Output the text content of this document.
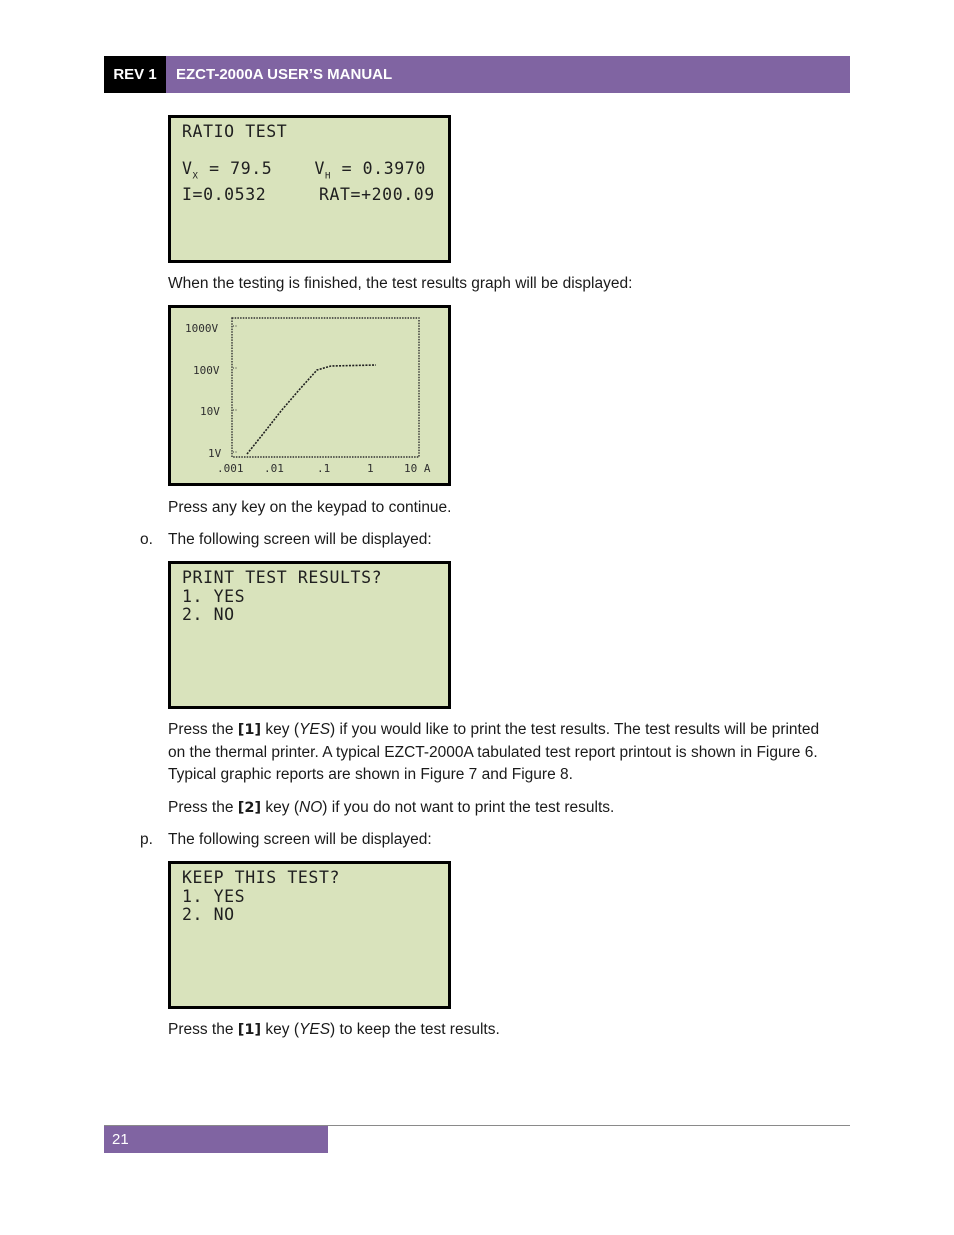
REV 1	EZCT-2000A USER’S MANUAL
RATIO TEST

$V_X = 79.5$	$V_H = 0.3970$
I=0.0532	RAT=+200.09
When the testing is finished, the test results graph will be displayed:
1000V
100V
10V
1V
.001 .01	.1	1	10 A
Press any key on the keypad to continue.
o. The following screen will be displayed:
PRINT TEST RESULTS?
1. YES
2. NO
Press the [1] key (YES) if you would like to print the test results. The test results will be printed on the thermal printer. A typical EZCT-2000A tabulated test report printout is shown in Figure 6. Typical graphic reports are shown in Figure 7 and Figure 8.
Press the [2] key (NO) if you do not want to print the test results.
p. The following screen will be displayed:
KEEP THIS TEST?
1. YES
2. NO
Press the [1] key (YES) to keep the test results.
21
